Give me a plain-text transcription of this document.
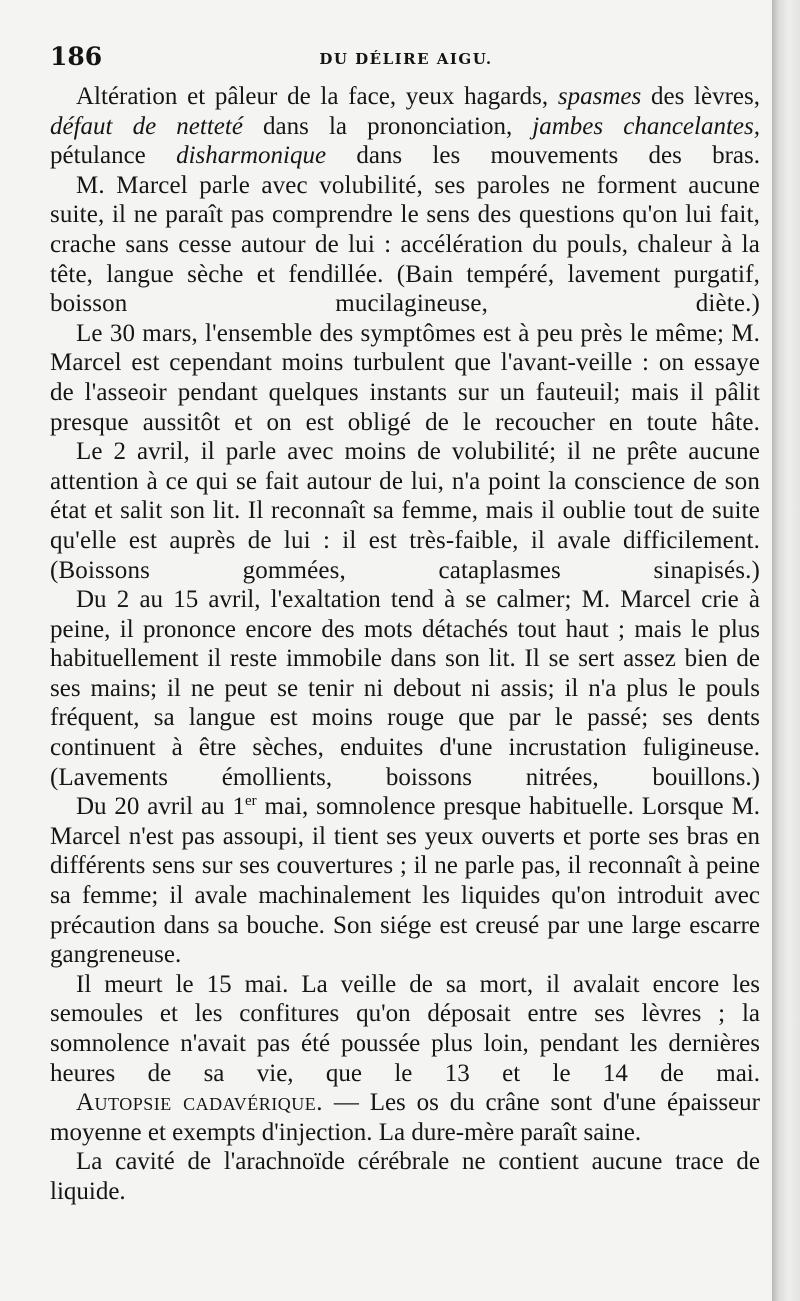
186	DU DÉLIRE AIGU.

Altération et pâleur de la face, yeux hagards, spasmes des lèvres, défaut de netteté dans la prononciation, jambes chancelantes, pétulance disharmonique dans les mouvements des bras.

M. Marcel parle avec volubilité, ses paroles ne forment aucune suite, il ne paraît pas comprendre le sens des questions qu'on lui fait, crache sans cesse autour de lui : accélération du pouls, chaleur à la tête, langue sèche et fendillée. (Bain tempéré, lavement purgatif, boisson mucilagineuse, diète.)

Le 30 mars, l'ensemble des symptômes est à peu près le même; M. Marcel est cependant moins turbulent que l'avant-veille : on essaye de l'asseoir pendant quelques instants sur un fauteuil; mais il pâlit presque aussitôt et on est obligé de le recoucher en toute hâte.

Le 2 avril, il parle avec moins de volubilité; il ne prête aucune attention à ce qui se fait autour de lui, n'a point la conscience de son état et salit son lit. Il reconnaît sa femme, mais il oublie tout de suite qu'elle est auprès de lui : il est très-faible, il avale difficilement. (Boissons gommées, cataplasmes sinapisés.)

Du 2 au 15 avril, l'exaltation tend à se calmer; M. Marcel crie à peine, il prononce encore des mots détachés tout haut ; mais le plus habituellement il reste immobile dans son lit. Il se sert assez bien de ses mains; il ne peut se tenir ni debout ni assis; il n'a plus le pouls fréquent, sa langue est moins rouge que par le passé; ses dents continuent à être sèches, enduites d'une incrustation fuligineuse. (Lavements émollients, boissons nitrées, bouillons.)

Du 20 avril au 1er mai, somnolence presque habituelle. Lorsque M. Marcel n'est pas assoupi, il tient ses yeux ouverts et porte ses bras en différents sens sur ses couvertures ; il ne parle pas, il reconnaît à peine sa femme; il avale machinalement les liquides qu'on introduit avec précaution dans sa bouche. Son siége est creusé par une large escarre gangreneuse.

Il meurt le 15 mai. La veille de sa mort, il avalait encore les semoules et les confitures qu'on déposait entre ses lèvres ; la somnolence n'avait pas été poussée plus loin, pendant les dernières heures de sa vie, que le 13 et le 14 de mai.

Autopsie cadavérique. — Les os du crâne sont d'une épaisseur moyenne et exempts d'injection. La dure-mère paraît saine.

La cavité de l'arachnoïde cérébrale ne contient aucune trace de liquide.
